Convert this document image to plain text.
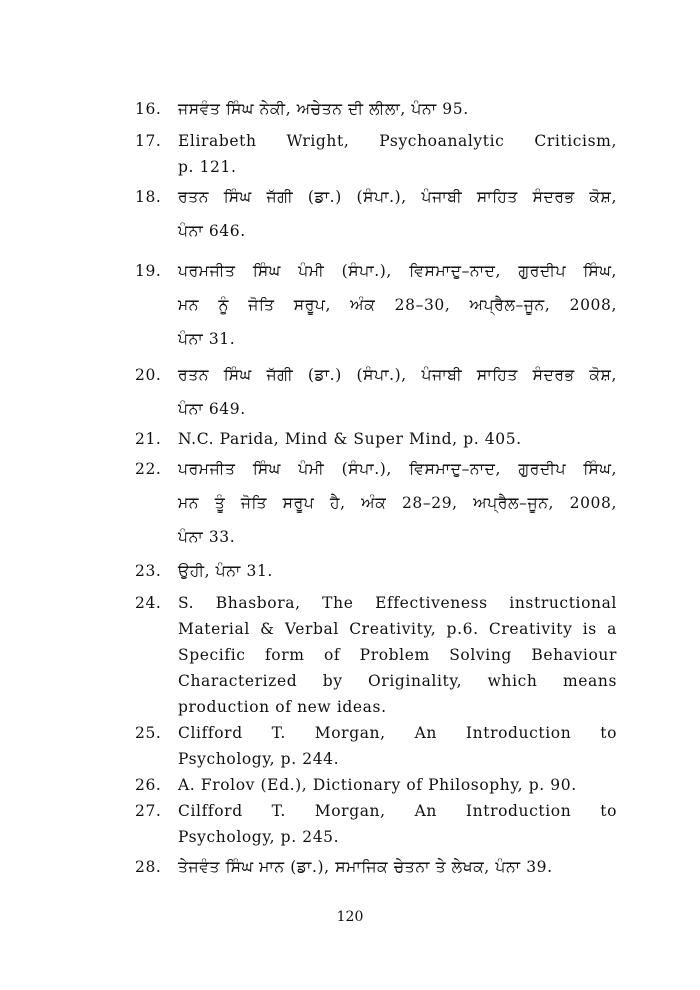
16.	ਜਸਵੰਤ ਸਿੰਘ ਨੇਕੀ, ਅਚੇਤਨ ਦੀ ਲੀਲਾ, ਪੰਨਾ 95.
17.	Elirabeth Wright, Psychoanalytic Criticism,
p. 121.
18.	ਰਤਨ ਸਿੰਘ ਜੱਗੀ (ਡਾ.) (ਸੰਪਾ.), ਪੰਜਾਬੀ ਸਾਹਿਤ ਸੰਦਰਭ ਕੋਸ਼,
ਪੰਨਾ 646.
19.	ਪਰਮਜੀਤ ਸਿੰਘ ਪੰਮੀ (ਸੰਪਾ.), ਵਿਸਮਾਦੁ–ਨਾਦ, ਗੁਰਦੀਪ ਸਿੰਘ,
ਮਨ ਨੂੰ ਜੋਤਿ ਸਰੂਪ, ਅੰਕ 28–30, ਅਪ੍ਰੈਲ–ਜੂਨ, 2008,
ਪੰਨਾ 31.
20.	ਰਤਨ ਸਿੰਘ ਜੱਗੀ (ਡਾ.) (ਸੰਪਾ.), ਪੰਜਾਬੀ ਸਾਹਿਤ ਸੰਦਰਭ ਕੋਸ਼,
ਪੰਨਾ 649.
21.	N.C. Parida, Mind & Super Mind, p. 405.
22.	ਪਰਮਜੀਤ ਸਿੰਘ ਪੰਮੀ (ਸੰਪਾ.), ਵਿਸਮਾਦੁ–ਨਾਦ, ਗੁਰਦੀਪ ਸਿੰਘ,
ਮਨ ਤੂੰ ਜੋਤਿ ਸਰੂਪ ਹੈ, ਅੰਕ 28–29, ਅਪ੍ਰੈਲ–ਜੂਨ, 2008,
ਪੰਨਾ 33.
23.	ਉਹੀ, ਪੰਨਾ 31.
24.	S. Bhasbora, The Effectiveness instructional
Material & Verbal Creativity, p.6. Creativity is a
Specific form of Problem Solving Behaviour
Characterized by Originality, which means
production of new ideas.
25.	Clifford T. Morgan, An Introduction to
Psychology, p. 244.
26.	A. Frolov (Ed.), Dictionary of Philosophy, p. 90.
27.	Cilfford T. Morgan, An Introduction to
Psychology, p. 245.
28.	ਤੇਜਵੰਤ ਸਿੰਘ ਮਾਨ (ਡਾ.), ਸਮਾਜਿਕ ਚੇਤਨਾ ਤੇ ਲੇਖਕ, ਪੰਨਾ 39.
120
